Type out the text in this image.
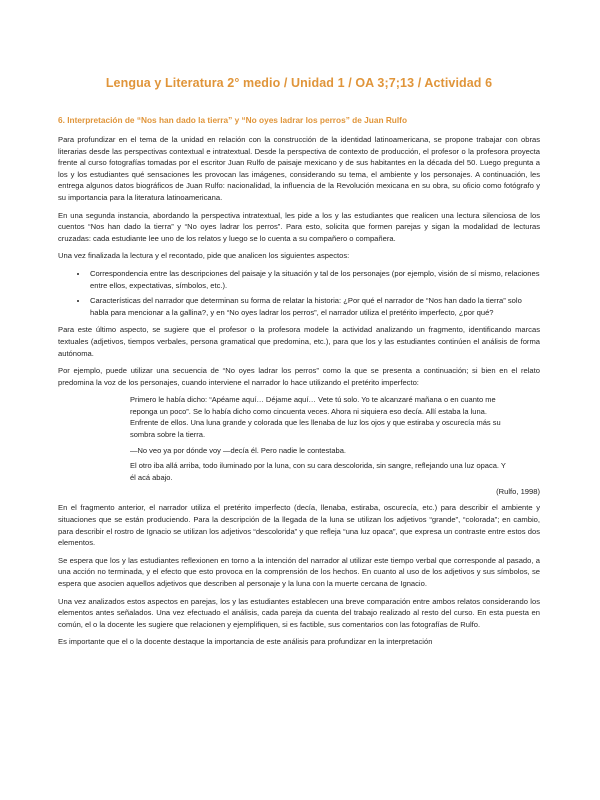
Lengua y Literatura 2° medio / Unidad 1 / OA 3;7;13 / Actividad 6
6. Interpretación de “Nos han dado la tierra” y “No oyes ladrar los perros” de Juan Rulfo

Para profundizar en el tema de la unidad en relación con la construcción de la identidad latinoamericana, se propone trabajar con obras literarias desde las perspectivas contextual e intratextual. Desde la perspectiva de contexto de producción, el profesor o la profesora proyecta frente al curso fotografías tomadas por el escritor Juan Rulfo de paisaje mexicano y de sus habitantes en la década del 50. Luego pregunta a los y los estudiantes qué sensaciones les provocan las imágenes, considerando su tema, el ambiente y los personajes. A continuación, les entrega algunos datos biográficos de Juan Rulfo: nacionalidad, la influencia de la Revolución mexicana en su obra, su oficio como fotógrafo y su importancia para la literatura latinoamericana.

En una segunda instancia, abordando la perspectiva intratextual, les pide a los y las estudiantes que realicen una lectura silenciosa de los cuentos “Nos han dado la tierra” y “No oyes ladrar los perros”. Para esto, solicita que formen parejas y sigan la modalidad de lecturas cruzadas: cada estudiante lee uno de los relatos y luego se lo cuenta a su compañero o compañera.

Una vez finalizada la lectura y el recontado, pide que analicen los siguientes aspectos:

• Correspondencia entre las descripciones del paisaje y la situación y tal de los personajes (por ejemplo, visión de sí mismo, relaciones entre ellos, expectativas, símbolos, etc.).
• Características del narrador que determinan su forma de relatar la historia: ¿Por qué el narrador de “Nos han dado la tierra” solo habla para mencionar a la gallina?, y en “No oyes ladrar los perros”, el narrador utiliza el pretérito imperfecto, ¿por qué?

Para este último aspecto, se sugiere que el profesor o la profesora modele la actividad analizando un fragmento, identificando marcas textuales (adjetivos, tiempos verbales, persona gramatical que predomina, etc.), para que los y las estudiantes continúen el análisis de forma autónoma.

Por ejemplo, puede utilizar una secuencia de “No oyes ladrar los perros” como la que se presenta a continuación; si bien en el relato predomina la voz de los personajes, cuando interviene el narrador lo hace utilizando el pretérito imperfecto:

Primero le había dicho: “Apéame aquí… Déjame aquí… Vete tú solo. Yo te alcanzaré mañana o en cuanto me reponga un poco”. Se lo había dicho como cincuenta veces. Ahora ni siquiera eso decía. Allí estaba la luna. Enfrente de ellos. Una luna grande y colorada que les llenaba de luz los ojos y que estiraba y oscurecía más su sombra sobre la tierra.

—No veo ya por dónde voy —decía él. Pero nadie le contestaba.

El otro iba allá arriba, todo iluminado por la luna, con su cara descolorida, sin sangre, reflejando una luz opaca. Y él acá abajo.

(Rulfo, 1998)

En el fragmento anterior, el narrador utiliza el pretérito imperfecto (decía, llenaba, estiraba, oscurecía, etc.) para describir el ambiente y situaciones que se están produciendo. Para la descripción de la llegada de la luna se utilizan los adjetivos “grande”, “colorada”; en cambio, para describir el rostro de Ignacio se utilizan los adjetivos “descolorida” y que refleja “una luz opaca”, que expresa un contraste entre estos dos elementos.

Se espera que los y las estudiantes reflexionen en torno a la intención del narrador al utilizar este tiempo verbal que corresponde al pasado, a una acción no terminada, y el efecto que esto provoca en la comprensión de los hechos. En cuanto al uso de los adjetivos y sus símbolos, se espera que asocien aquellos adjetivos que describen al personaje y la luna con la muerte cercana de Ignacio.

Una vez analizados estos aspectos en parejas, los y las estudiantes establecen una breve comparación entre ambos relatos considerando los elementos antes señalados. Una vez efectuado el análisis, cada pareja da cuenta del trabajo realizado al resto del curso. En esta puesta en común, el o la docente les sugiere que relacionen y ejemplifiquen, si es factible, sus comentarios con las fotografías de Rulfo.

Es importante que el o la docente destaque la importancia de este análisis para profundizar en la interpretación
